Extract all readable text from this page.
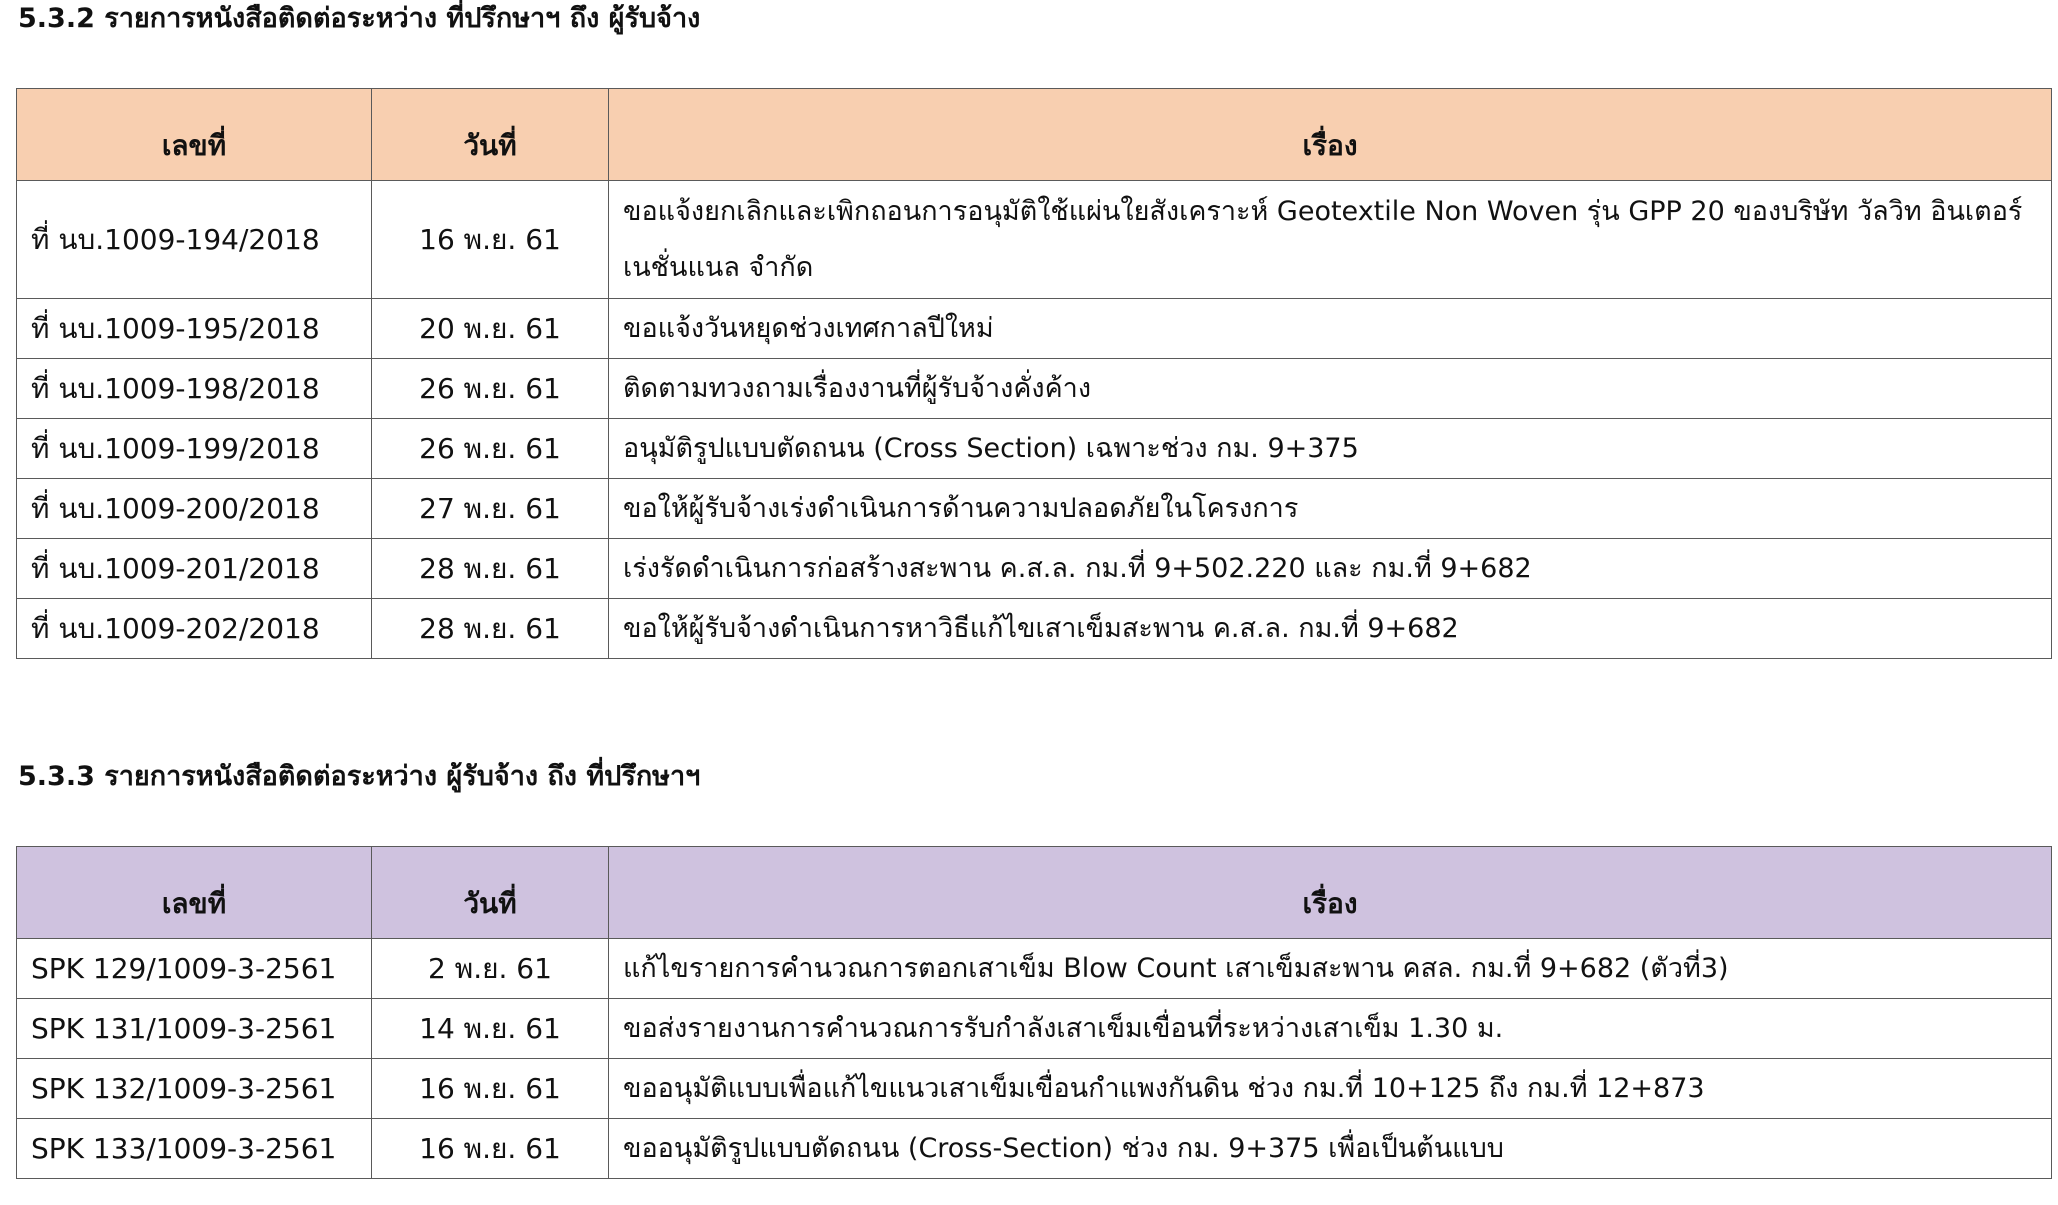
5.3.2 รายการหนังสือติดต่อระหว่าง ที่ปรึกษาฯ ถึง ผู้รับจ้าง
เลขที่	วันที่	เรื่อง
ที่ นบ.1009-194/2018	16 พ.ย. 61	ขอแจ้งยกเลิกและเพิกถอนการอนุมัติใช้แผ่นใยสังเคราะห์ Geotextile Non Woven รุ่น GPP 20 ของบริษัท วัลวิท อินเตอร์เนชั่นแนล จำกัด
ที่ นบ.1009-195/2018	20 พ.ย. 61	ขอแจ้งวันหยุดช่วงเทศกาลปีใหม่
ที่ นบ.1009-198/2018	26 พ.ย. 61	ติดตามทวงถามเรื่องงานที่ผู้รับจ้างคั่งค้าง
ที่ นบ.1009-199/2018	26 พ.ย. 61	อนุมัติรูปแบบตัดถนน (Cross Section) เฉพาะช่วง กม. 9+375
ที่ นบ.1009-200/2018	27 พ.ย. 61	ขอให้ผู้รับจ้างเร่งดำเนินการด้านความปลอดภัยในโครงการ
ที่ นบ.1009-201/2018	28 พ.ย. 61	เร่งรัดดำเนินการก่อสร้างสะพาน ค.ส.ล. กม.ที่ 9+502.220 และ กม.ที่ 9+682
ที่ นบ.1009-202/2018	28 พ.ย. 61	ขอให้ผู้รับจ้างดำเนินการหาวิธีแก้ไขเสาเข็มสะพาน ค.ส.ล. กม.ที่ 9+682
5.3.3 รายการหนังสือติดต่อระหว่าง ผู้รับจ้าง ถึง ที่ปรึกษาฯ
เลขที่	วันที่	เรื่อง
SPK 129/1009-3-2561	2 พ.ย. 61	แก้ไขรายการคำนวณการตอกเสาเข็ม Blow Count เสาเข็มสะพาน คสล. กม.ที่ 9+682 (ตัวที่3)
SPK 131/1009-3-2561	14 พ.ย. 61	ขอส่งรายงานการคำนวณการรับกำลังเสาเข็มเขื่อนที่ระหว่างเสาเข็ม 1.30 ม.
SPK 132/1009-3-2561	16 พ.ย. 61	ขออนุมัติแบบเพื่อแก้ไขแนวเสาเข็มเขื่อนกำแพงกันดิน ช่วง กม.ที่ 10+125 ถึง กม.ที่ 12+873
SPK 133/1009-3-2561	16 พ.ย. 61	ขออนุมัติรูปแบบตัดถนน (Cross-Section) ช่วง กม. 9+375 เพื่อเป็นต้นแบบ
